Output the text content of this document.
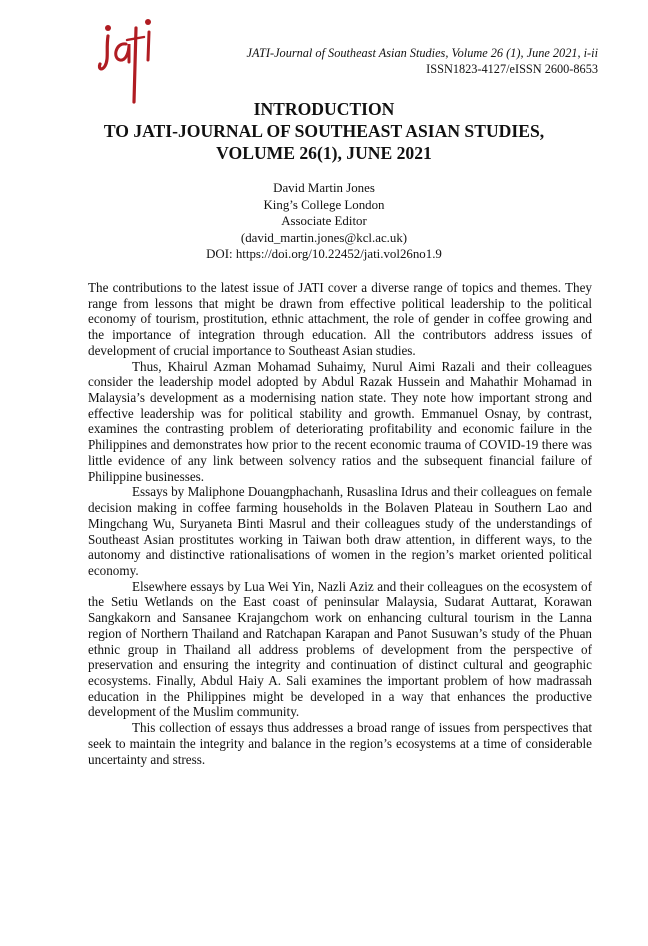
JATI-Journal of Southeast Asian Studies, Volume 26 (1), June 2021, i-ii
ISSN1823-4127/eISSN 2600-8653
INTRODUCTION
TO JATI-JOURNAL OF SOUTHEAST ASIAN STUDIES,
VOLUME 26(1), JUNE 2021
David Martin Jones
King’s College London
Associate Editor
(david_martin.jones@kcl.ac.uk)
DOI: https://doi.org/10.22452/jati.vol26no1.9

The contributions to the latest issue of JATI cover a diverse range of topics and themes. They range from lessons that might be drawn from effective political leadership to the political economy of tourism, prostitution, ethnic attachment, the role of gender in coffee growing and the importance of integration through education. All the contributors address issues of development of crucial importance to Southeast Asian studies.

Thus, Khairul Azman Mohamad Suhaimy, Nurul Aimi Razali and their colleagues consider the leadership model adopted by Abdul Razak Hussein and Mahathir Mohamad in Malaysia’s development as a modernising nation state. They note how important strong and effective leadership was for political stability and growth. Emmanuel Osnay, by contrast, examines the contrasting problem of deteriorating profitability and economic failure in the Philippines and demonstrates how prior to the recent economic trauma of COVID-19 there was little evidence of any link between solvency ratios and the subsequent financial failure of Philippine businesses.

Essays by Maliphone Douangphachanh, Rusaslina Idrus and their colleagues on female decision making in coffee farming households in the Bolaven Plateau in Southern Lao and Mingchang Wu, Suryaneta Binti Masrul and their colleagues study of the understandings of Southeast Asian prostitutes working in Taiwan both draw attention, in different ways, to the autonomy and distinctive rationalisations of women in the region’s market oriented political economy.

Elsewhere essays by Lua Wei Yin, Nazli Aziz and their colleagues on the ecosystem of the Setiu Wetlands on the East coast of peninsular Malaysia, Sudarat Auttarat, Korawan Sangkakorn and Sansanee Krajangchom work on enhancing cultural tourism in the Lanna region of Northern Thailand and Ratchapan Karapan and Panot Susuwan’s study of the Phuan ethnic group in Thailand all address problems of development from the perspective of preservation and ensuring the integrity and continuation of distinct cultural and geographic ecosystems. Finally, Abdul Haiy A. Sali examines the important problem of how madrassah education in the Philippines might be developed in a way that enhances the productive development of the Muslim community.

This collection of essays thus addresses a broad range of issues from perspectives that seek to maintain the integrity and balance in the region’s ecosystems at a time of considerable uncertainty and stress.
